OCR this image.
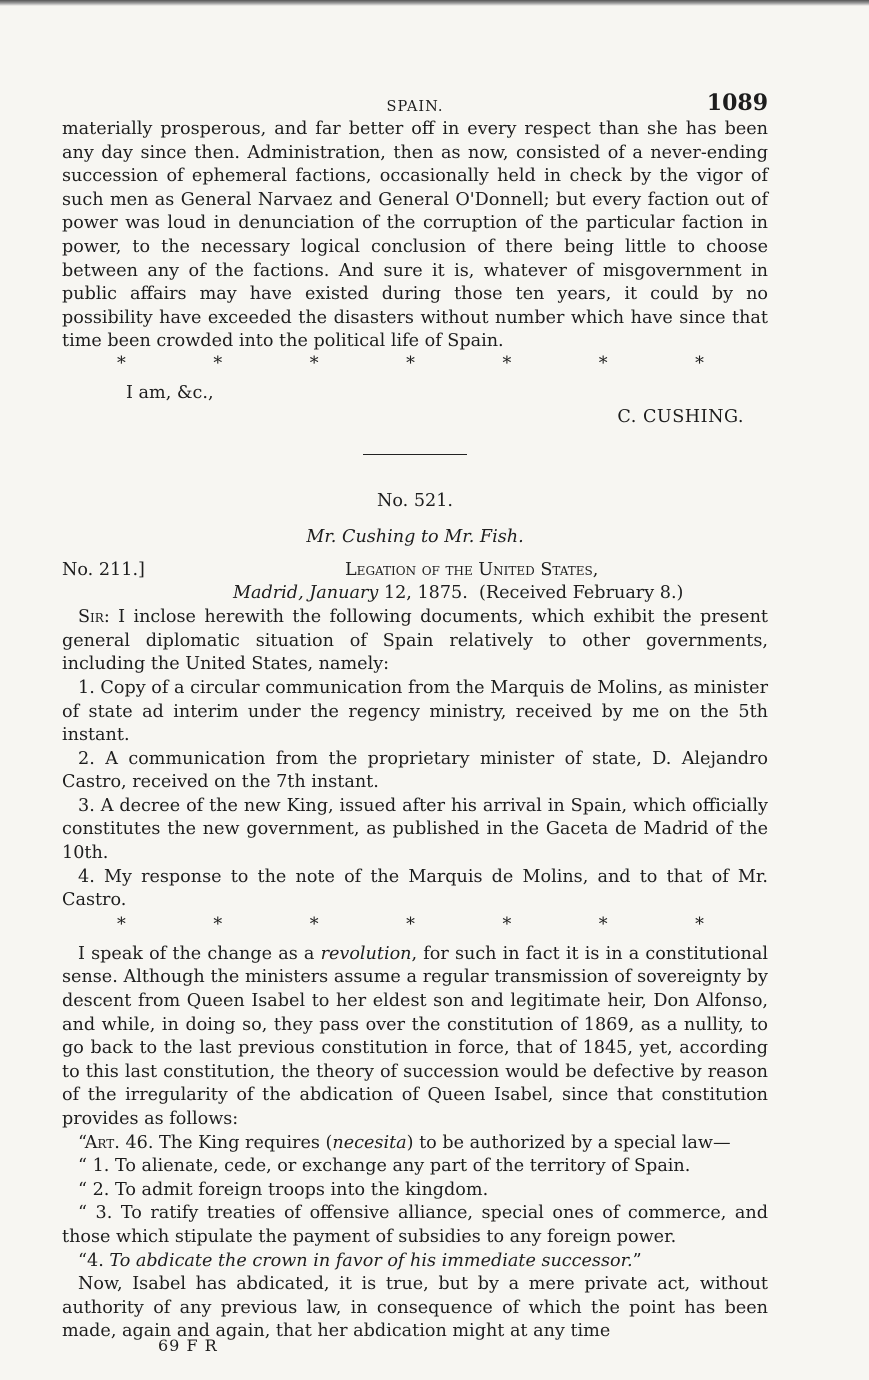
SPAIN.	1089

materially prosperous, and far better off in every respect than she has been any day since then. Administration, then as now, consisted of a never-ending succession of ephemeral factions, occasionally held in check by the vigor of such men as General Narvaez and General O'Donnell; but every faction out of power was loud in denunciation of the corruption of the particular faction in power, to the necessary logical conclusion of there being little to choose between any of the factions. And sure it is, whatever of misgovernment in public affairs may have existed during those ten years, it could by no possibility have exceeded the disasters without number which have since that time been crowded into the political life of Spain.

*	*	*	*	*	*	*
I am, &c.,
C. CUSHING.
No. 521.
Mr. Cushing to Mr. Fish.
No. 211.]	Legation of the United States,
Madrid, January 12, 1875. (Received February 8.)

Sir: I inclose herewith the following documents, which exhibit the present general diplomatic situation of Spain relatively to other governments, including the United States, namely:

1. Copy of a circular communication from the Marquis de Molins, as minister of state ad interim under the regency ministry, received by me on the 5th instant.

2. A communication from the proprietary minister of state, D. Alejandro Castro, received on the 7th instant.

3. A decree of the new King, issued after his arrival in Spain, which officially constitutes the new government, as published in the Gaceta de Madrid of the 10th.

4. My response to the note of the Marquis de Molins, and to that of Mr. Castro.

*	*	*	*	*	*	*

I speak of the change as a revolution, for such in fact it is in a constitutional sense. Although the ministers assume a regular transmission of sovereignty by descent from Queen Isabel to her eldest son and legitimate heir, Don Alfonso, and while, in doing so, they pass over the constitution of 1869, as a nullity, to go back to the last previous constitution in force, that of 1845, yet, according to this last constitution, the theory of succession would be defective by reason of the irregularity of the abdication of Queen Isabel, since that constitution provides as follows:

“Art. 46. The King requires (necesita) to be authorized by a special law—

“ 1. To alienate, cede, or exchange any part of the territory of Spain.

“ 2. To admit foreign troops into the kingdom.

“ 3. To ratify treaties of offensive alliance, special ones of commerce, and those which stipulate the payment of subsidies to any foreign power.

“4. To abdicate the crown in favor of his immediate successor.”

Now, Isabel has abdicated, it is true, but by a mere private act, without authority of any previous law, in consequence of which the point has been made, again and again, that her abdication might at any time

69 F R
